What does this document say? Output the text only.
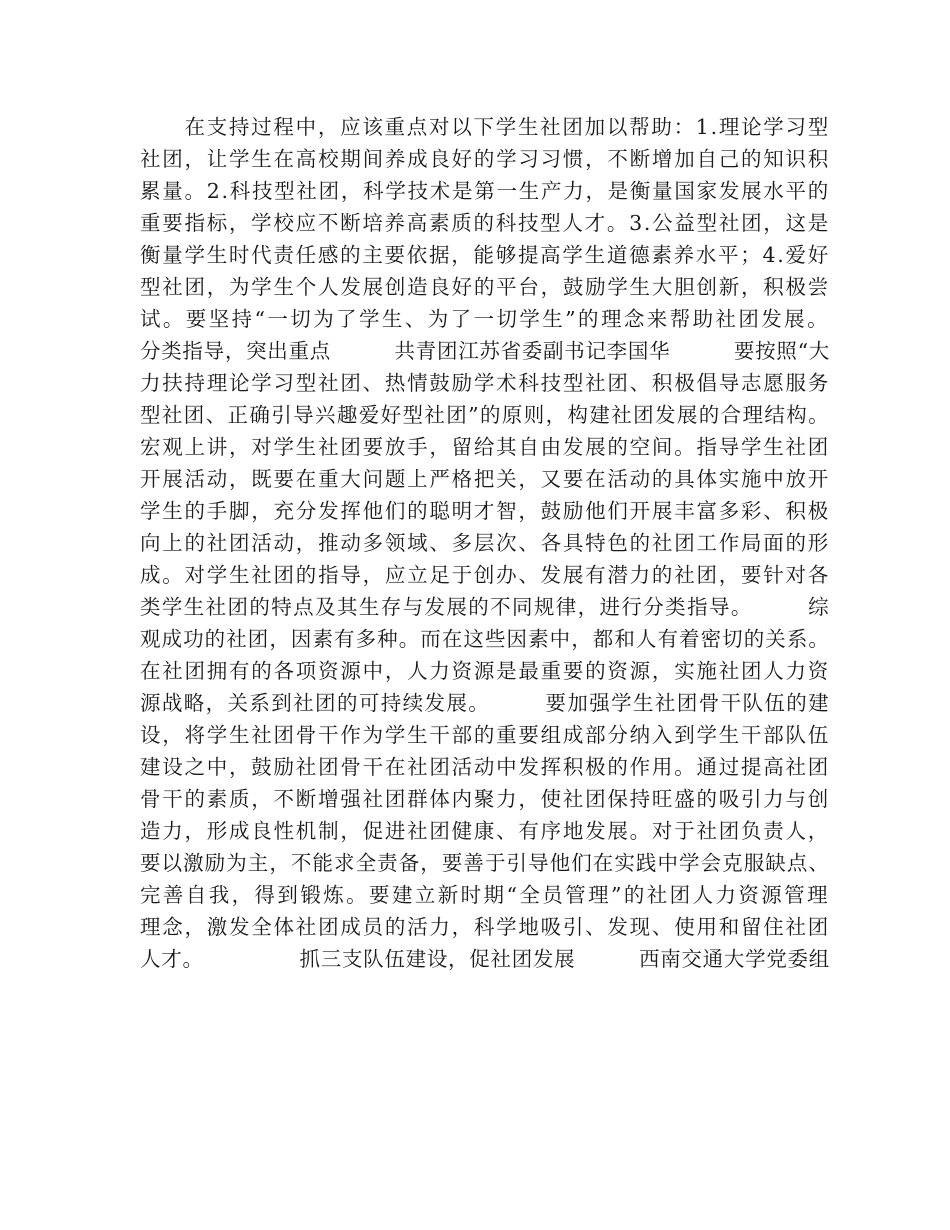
　　在支持过程中，应该重点对以下学生社团加以帮助：1.理论学习型
社团，让学生在高校期间养成良好的学习习惯，不断增加自己的知识积
累量。2.科技型社团，科学技术是第一生产力，是衡量国家发展水平的
重要指标，学校应不断培养高素质的科技型人才。3.公益型社团，这是
衡量学生时代责任感的主要依据，能够提高学生道德素养水平；4.爱好
型社团，为学生个人发展创造良好的平台，鼓励学生大胆创新，积极尝
试。要坚持“一切为了学生、为了一切学生”的理念来帮助社团发展。
分类指导，突出重点　　　共青团江苏省委副书记李国华　　　要按照“大
力扶持理论学习型社团、热情鼓励学术科技型社团、积极倡导志愿服务
型社团、正确引导兴趣爱好型社团”的原则，构建社团发展的合理结构。
宏观上讲，对学生社团要放手，留给其自由发展的空间。指导学生社团
开展活动，既要在重大问题上严格把关，又要在活动的具体实施中放开
学生的手脚，充分发挥他们的聪明才智，鼓励他们开展丰富多彩、积极
向上的社团活动，推动多领域、多层次、各具特色的社团工作局面的形
成。对学生社团的指导，应立足于创办、发展有潜力的社团，要针对各
类学生社团的特点及其生存与发展的不同规律，进行分类指导。　　　综
观成功的社团，因素有多种。而在这些因素中，都和人有着密切的关系。
在社团拥有的各项资源中，人力资源是最重要的资源，实施社团人力资
源战略，关系到社团的可持续发展。　　　要加强学生社团骨干队伍的建
设，将学生社团骨干作为学生干部的重要组成部分纳入到学生干部队伍
建设之中，鼓励社团骨干在社团活动中发挥积极的作用。通过提高社团
骨干的素质，不断增强社团群体内聚力，使社团保持旺盛的吸引力与创
造力，形成良性机制，促进社团健康、有序地发展。对于社团负责人，
要以激励为主，不能求全责备，要善于引导他们在实践中学会克服缺点、
完善自我，得到锻炼。要建立新时期“全员管理”的社团人力资源管理
理念，激发全体社团成员的活力，科学地吸引、发现、使用和留住社团
人才。　　　　　抓三支队伍建设，促社团发展　　　西南交通大学党委组
